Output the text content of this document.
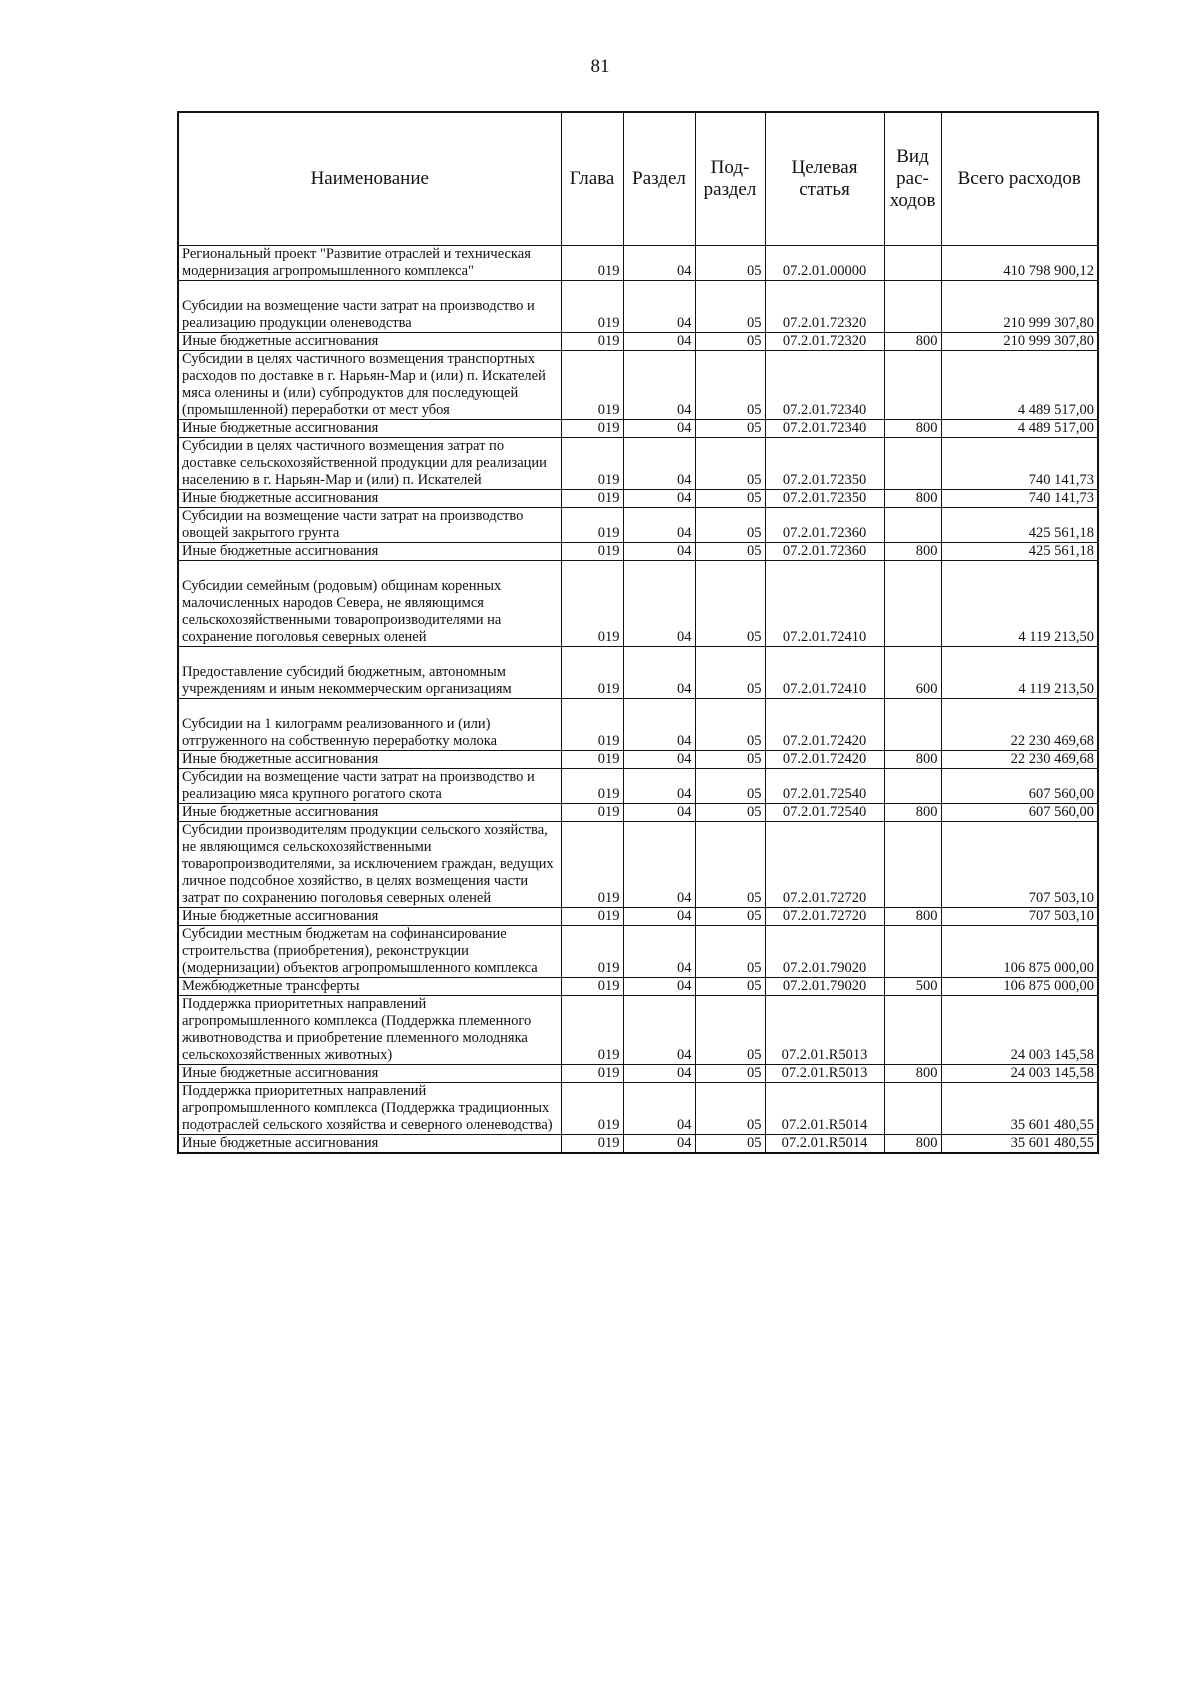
81
Наименование	Глава	Раздел	Под-раздел	Целевая статья	Вид рас-ходов	Всего расходов

Региональный проект "Развитие отраслей и техническая модернизация агропромышленного комплекса"	019	04	05	07.2.01.00000		410 798 900,12

Субсидии на возмещение части затрат на производство и реализацию продукции оленеводства	019	04	05	07.2.01.72320		210 999 307,80

Иные бюджетные ассигнования	019	04	05	07.2.01.72320	800	210 999 307,80

Субсидии в целях частичного возмещения транспортных расходов по доставке в г. Нарьян-Мар и (или) п. Искателей мяса оленины и (или) субпродуктов для последующей (промышленной) переработки от мест убоя	019	04	05	07.2.01.72340		4 489 517,00

Иные бюджетные ассигнования	019	04	05	07.2.01.72340	800	4 489 517,00

Субсидии в целях частичного возмещения затрат по доставке сельскохозяйственной продукции для реализации населению в г. Нарьян-Мар и (или) п. Искателей	019	04	05	07.2.01.72350		740 141,73

Иные бюджетные ассигнования	019	04	05	07.2.01.72350	800	740 141,73

Субсидии на возмещение части затрат на производство овощей закрытого грунта	019	04	05	07.2.01.72360		425 561,18

Иные бюджетные ассигнования	019	04	05	07.2.01.72360	800	425 561,18

Субсидии семейным (родовым) общинам коренных малочисленных народов Севера, не являющимся сельскохозяйственными товаропроизводителями на сохранение поголовья северных оленей	019	04	05	07.2.01.72410		4 119 213,50

Предоставление субсидий бюджетным, автономным учреждениям и иным некоммерческим организациям	019	04	05	07.2.01.72410	600	4 119 213,50

Субсидии на 1 килограмм реализованного и (или) отгруженного на собственную переработку молока	019	04	05	07.2.01.72420		22 230 469,68

Иные бюджетные ассигнования	019	04	05	07.2.01.72420	800	22 230 469,68

Субсидии на возмещение части затрат на производство и реализацию мяса крупного рогатого скота	019	04	05	07.2.01.72540		607 560,00

Иные бюджетные ассигнования	019	04	05	07.2.01.72540	800	607 560,00

Субсидии производителям продукции сельского хозяйства, не являющимся сельскохозяйственными товаропроизводителями, за исключением граждан, ведущих личное подсобное хозяйство, в целях возмещения части затрат по сохранению поголовья северных оленей	019	04	05	07.2.01.72720		707 503,10

Иные бюджетные ассигнования	019	04	05	07.2.01.72720	800	707 503,10

Субсидии местным бюджетам на софинансирование строительства (приобретения), реконструкции (модернизации) объектов агропромышленного комплекса	019	04	05	07.2.01.79020		106 875 000,00

Межбюджетные трансферты	019	04	05	07.2.01.79020	500	106 875 000,00

Поддержка приоритетных направлений агропромышленного комплекса (Поддержка племенного животноводства и приобретение племенного молодняка сельскохозяйственных животных)	019	04	05	07.2.01.R5013		24 003 145,58

Иные бюджетные ассигнования	019	04	05	07.2.01.R5013	800	24 003 145,58

Поддержка приоритетных направлений агропромышленного комплекса (Поддержка традиционных подотраслей сельского хозяйства и северного оленеводства)	019	04	05	07.2.01.R5014		35 601 480,55

Иные бюджетные ассигнования	019	04	05	07.2.01.R5014	800	35 601 480,55
